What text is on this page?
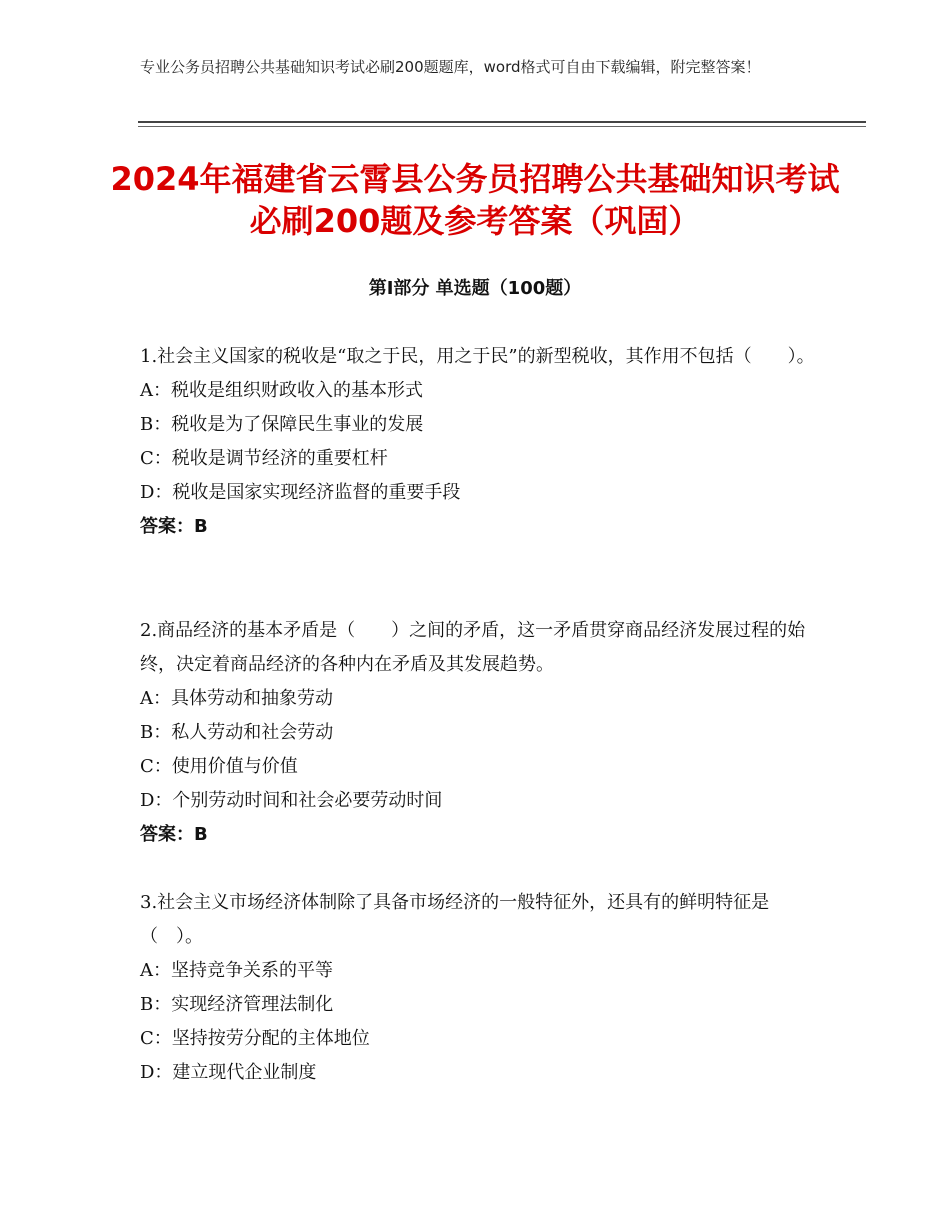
专业公务员招聘公共基础知识考试必刷200题题库，word格式可自由下载编辑，附完整答案！
2024年福建省云霄县公务员招聘公共基础知识考试必刷200题及参考答案（巩固）
第Ⅰ部分 单选题（100题）
1.社会主义国家的税收是“取之于民，用之于民”的新型税收，其作用不包括（　　）。
A：税收是组织财政收入的基本形式
B：税收是为了保障民生事业的发展
C：税收是调节经济的重要杠杆
D：税收是国家实现经济监督的重要手段
答案：B
2.商品经济的基本矛盾是（　　）之间的矛盾，这一矛盾贯穿商品经济发展过程的始终，决定着商品经济的各种内在矛盾及其发展趋势。
A：具体劳动和抽象劳动
B：私人劳动和社会劳动
C：使用价值与价值
D：个别劳动时间和社会必要劳动时间
答案：B
3.社会主义市场经济体制除了具备市场经济的一般特征外，还具有的鲜明特征是（　）。
A：坚持竞争关系的平等
B：实现经济管理法制化
C：坚持按劳分配的主体地位
D：建立现代企业制度
